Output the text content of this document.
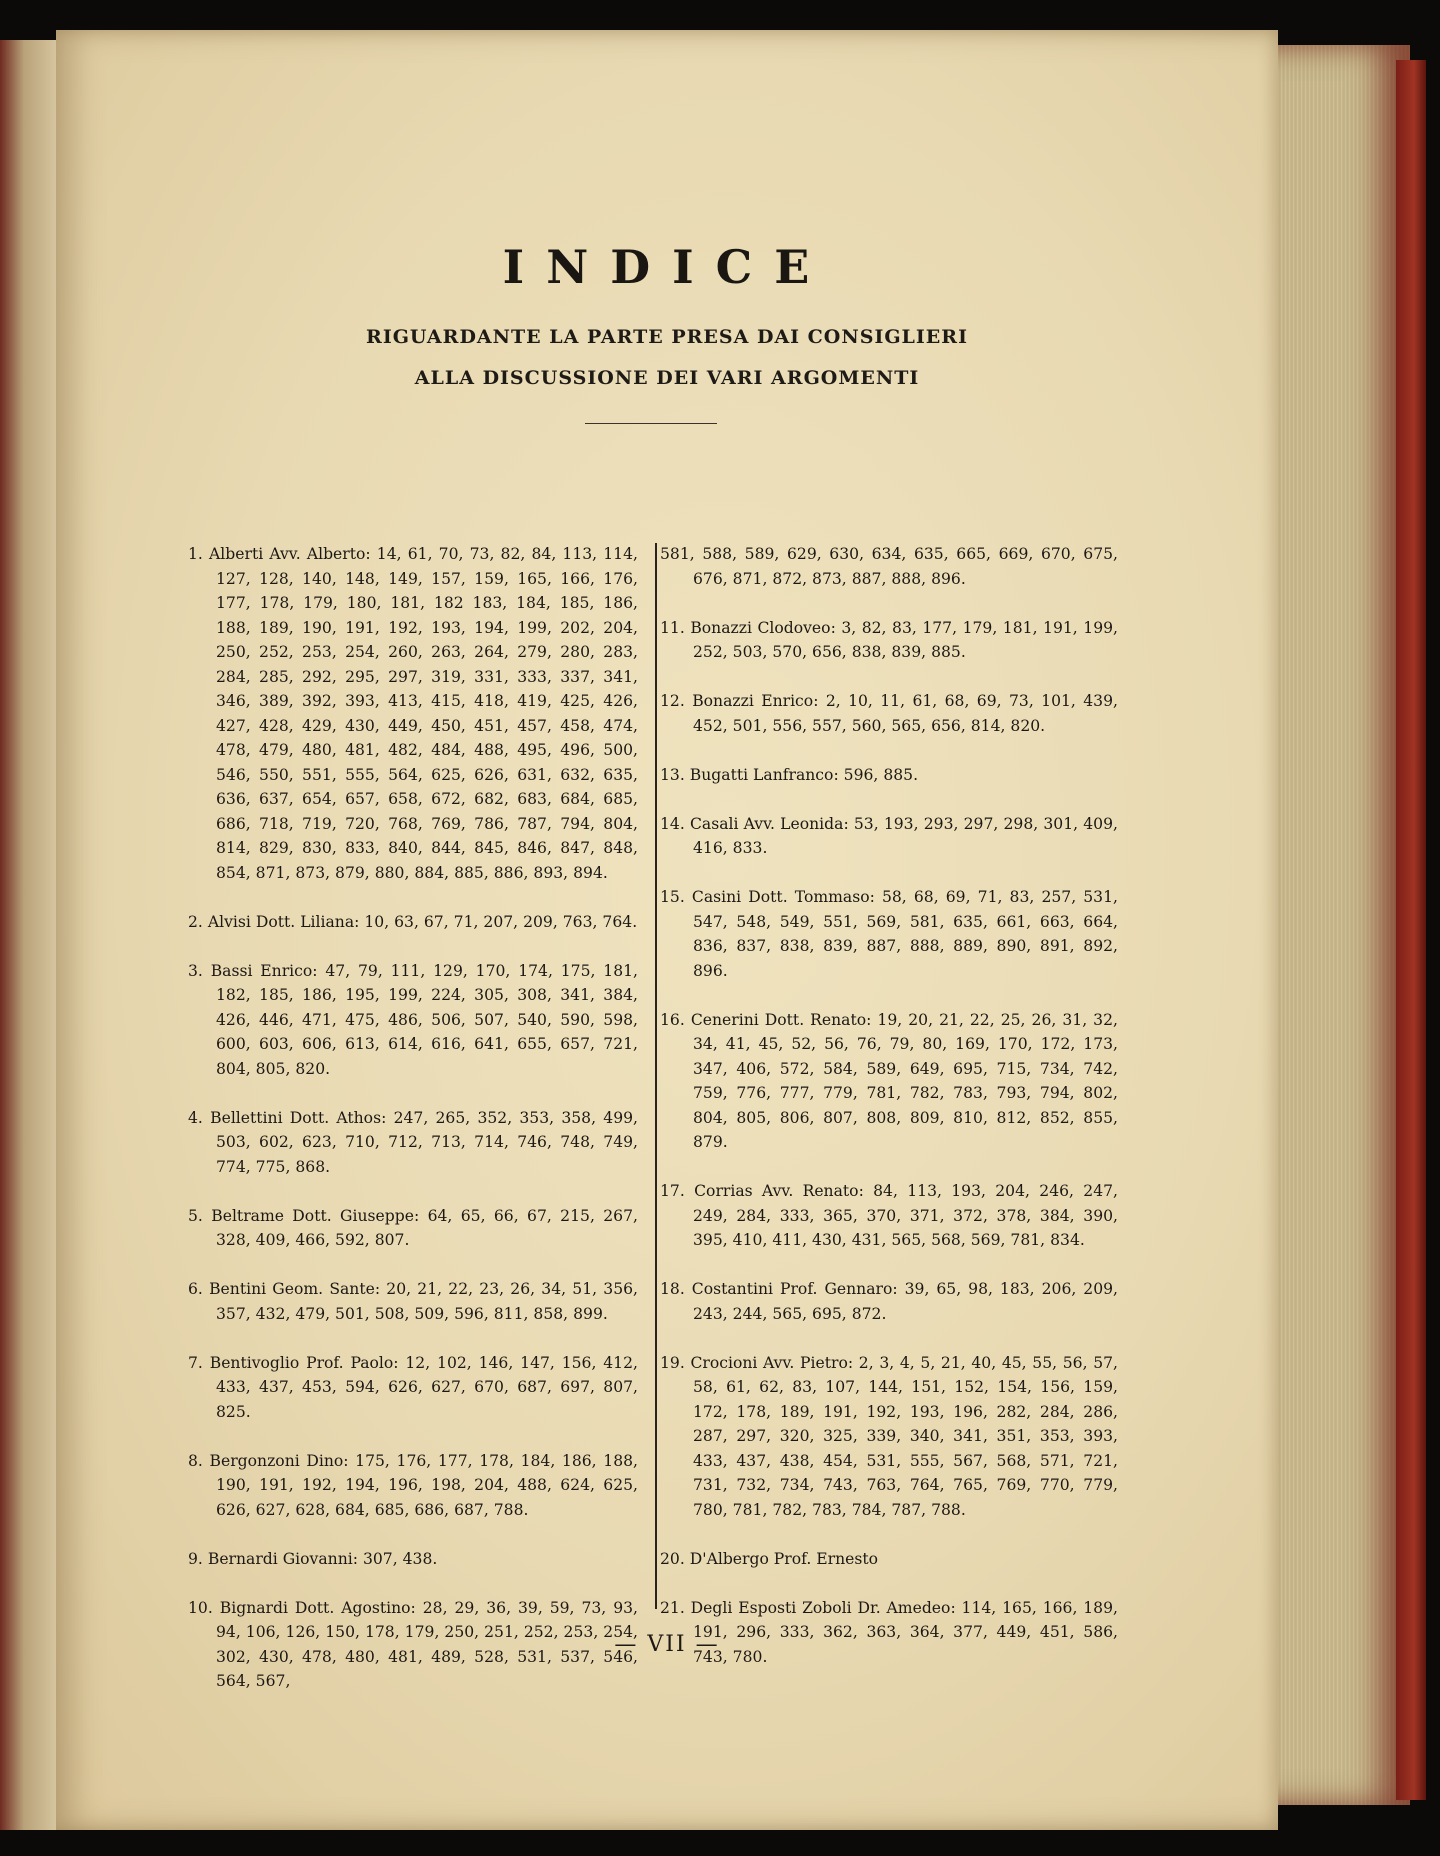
INDICE

RIGUARDANTE LA PARTE PRESA DAI CONSIGLIERI

ALLA DISCUSSIONE DEI VARI ARGOMENTI

1. Alberti Avv. Alberto: 14, 61, 70, 73, 82, 84, 113, 114, 127, 128, 140, 148, 149, 157, 159, 165, 166, 176, 177, 178, 179, 180, 181, 182 183, 184, 185, 186, 188, 189, 190, 191, 192, 193, 194, 199, 202, 204, 250, 252, 253, 254, 260, 263, 264, 279, 280, 283, 284, 285, 292, 295, 297, 319, 331, 333, 337, 341, 346, 389, 392, 393, 413, 415, 418, 419, 425, 426, 427, 428, 429, 430, 449, 450, 451, 457, 458, 474, 478, 479, 480, 481, 482, 484, 488, 495, 496, 500, 546, 550, 551, 555, 564, 625, 626, 631, 632, 635, 636, 637, 654, 657, 658, 672, 682, 683, 684, 685, 686, 718, 719, 720, 768, 769, 786, 787, 794, 804, 814, 829, 830, 833, 840, 844, 845, 846, 847, 848, 854, 871, 873, 879, 880, 884, 885, 886, 893, 894.

2. Alvisi Dott. Liliana: 10, 63, 67, 71, 207, 209, 763, 764.

3. Bassi Enrico: 47, 79, 111, 129, 170, 174, 175, 181, 182, 185, 186, 195, 199, 224, 305, 308, 341, 384, 426, 446, 471, 475, 486, 506, 507, 540, 590, 598, 600, 603, 606, 613, 614, 616, 641, 655, 657, 721, 804, 805, 820.

4. Bellettini Dott. Athos: 247, 265, 352, 353, 358, 499, 503, 602, 623, 710, 712, 713, 714, 746, 748, 749, 774, 775, 868.

5. Beltrame Dott. Giuseppe: 64, 65, 66, 67, 215, 267, 328, 409, 466, 592, 807.

6. Bentini Geom. Sante: 20, 21, 22, 23, 26, 34, 51, 356, 357, 432, 479, 501, 508, 509, 596, 811, 858, 899.

7. Bentivoglio Prof. Paolo: 12, 102, 146, 147, 156, 412, 433, 437, 453, 594, 626, 627, 670, 687, 697, 807, 825.

8. Bergonzoni Dino: 175, 176, 177, 178, 184, 186, 188, 190, 191, 192, 194, 196, 198, 204, 488, 624, 625, 626, 627, 628, 684, 685, 686, 687, 788.

9. Bernardi Giovanni: 307, 438.

10. Bignardi Dott. Agostino: 28, 29, 36, 39, 59, 73, 93, 94, 106, 126, 150, 178, 179, 250, 251, 252, 253, 254, 302, 430, 478, 480, 481, 489, 528, 531, 537, 546, 564, 567,

581, 588, 589, 629, 630, 634, 635, 665, 669, 670, 675, 676, 871, 872, 873, 887, 888, 896.

11. Bonazzi Clodoveo: 3, 82, 83, 177, 179, 181, 191, 199, 252, 503, 570, 656, 838, 839, 885.

12. Bonazzi Enrico: 2, 10, 11, 61, 68, 69, 73, 101, 439, 452, 501, 556, 557, 560, 565, 656, 814, 820.

13. Bugatti Lanfranco: 596, 885.

14. Casali Avv. Leonida: 53, 193, 293, 297, 298, 301, 409, 416, 833.

15. Casini Dott. Tommaso: 58, 68, 69, 71, 83, 257, 531, 547, 548, 549, 551, 569, 581, 635, 661, 663, 664, 836, 837, 838, 839, 887, 888, 889, 890, 891, 892, 896.

16. Cenerini Dott. Renato: 19, 20, 21, 22, 25, 26, 31, 32, 34, 41, 45, 52, 56, 76, 79, 80, 169, 170, 172, 173, 347, 406, 572, 584, 589, 649, 695, 715, 734, 742, 759, 776, 777, 779, 781, 782, 783, 793, 794, 802, 804, 805, 806, 807, 808, 809, 810, 812, 852, 855, 879.

17. Corrias Avv. Renato: 84, 113, 193, 204, 246, 247, 249, 284, 333, 365, 370, 371, 372, 378, 384, 390, 395, 410, 411, 430, 431, 565, 568, 569, 781, 834.

18. Costantini Prof. Gennaro: 39, 65, 98, 183, 206, 209, 243, 244, 565, 695, 872.

19. Crocioni Avv. Pietro: 2, 3, 4, 5, 21, 40, 45, 55, 56, 57, 58, 61, 62, 83, 107, 144, 151, 152, 154, 156, 159, 172, 178, 189, 191, 192, 193, 196, 282, 284, 286, 287, 297, 320, 325, 339, 340, 341, 351, 353, 393, 433, 437, 438, 454, 531, 555, 567, 568, 571, 721, 731, 732, 734, 743, 763, 764, 765, 769, 770, 779, 780, 781, 782, 783, 784, 787, 788.

20. D'Albergo Prof. Ernesto

21. Degli Esposti Zoboli Dr. Amedeo: 114, 165, 166, 189, 191, 296, 333, 362, 363, 364, 377, 449, 451, 586, 743, 780.

— VII —
